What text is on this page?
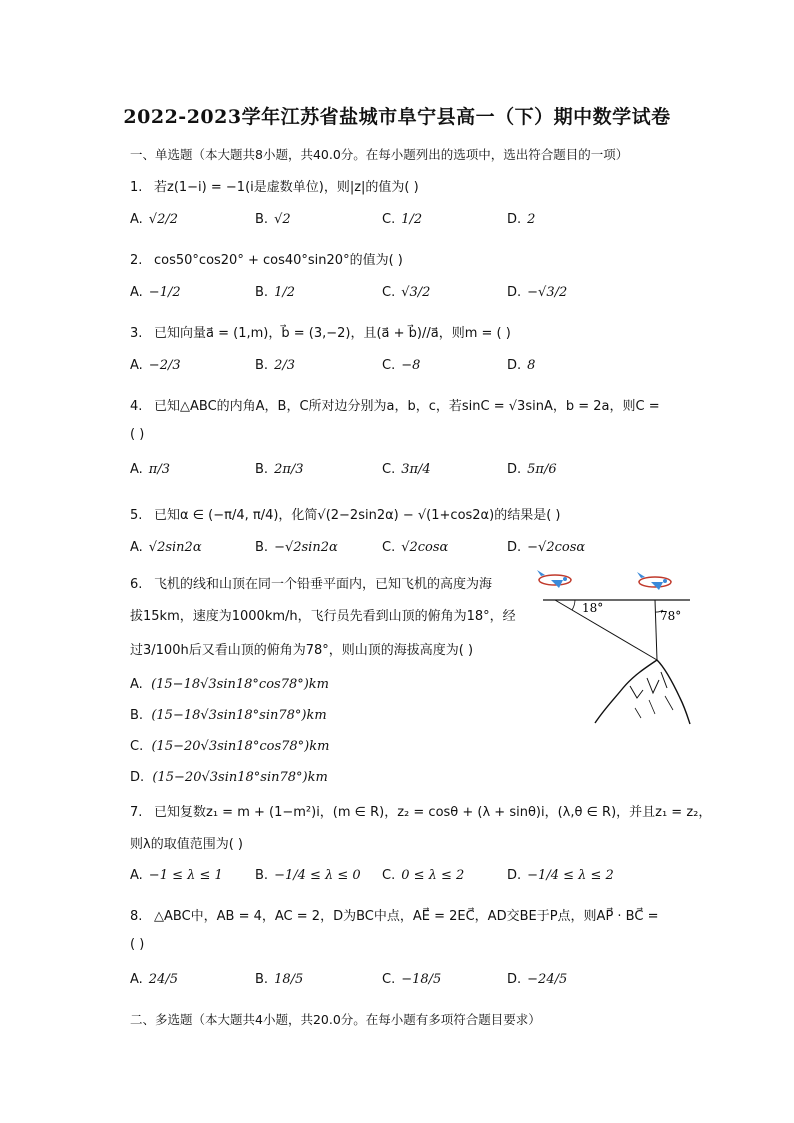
2022-2023学年江苏省盐城市阜宁县高一（下）期中数学试卷
一、单选题（本大题共8小题，共40.0分。在每小题列出的选项中，选出符合题目的一项）
1. 若z(1−i) = −1(i是虚数单位)，则|z|的值为( )
A. √2/2	B. √2	C. 1/2	D. 2
2. cos50°cos20° + cos40°sin20°的值为( )
A. −1/2	B. 1/2	C. √3/2	D. −√3/2
3. 已知向量a⃗ = (1,m)，b⃗ = (3,−2)，且(a⃗ + b⃗)//a⃗，则m = ( )
A. −2/3	B. 2/3	C. −8	D. 8
4. 已知△ABC的内角A，B，C所对边分别为a，b，c，若sinC = √3sinA，b = 2a，则C =
( )
A. π/3	B. 2π/3	C. 3π/4	D. 5π/6
5. 已知α ∈ (−π/4, π/4)，化简√(2−2sin2α) − √(1+cos2α)的结果是( )
A. √2sin2α	B. −√2sin2α	C. √2cosα	D. −√2cosα
6. 飞机的线和山顶在同一个铅垂平面内，已知飞机的高度为海
拔15km，速度为1000km/h，飞行员先看到山顶的俯角为18°，经
过3/100h后又看山顶的俯角为78°，则山顶的海拔高度为( )
A.  (15−18√3sin18°cos78°)km
B.  (15−18√3sin18°sin78°)km
C.  (15−20√3sin18°cos78°)km
D.  (15−20√3sin18°sin78°)km
18°
78°
7. 已知复数z₁ = m + (1−m²)i，(m ∈ R)，z₂ = cosθ + (λ + sinθ)i，(λ,θ ∈ R)，并且z₁ = z₂，
则λ的取值范围为( )
A. −1 ≤ λ ≤ 1 B. −1/4 ≤ λ ≤ 0 C. 0 ≤ λ ≤ 2	D. −1/4 ≤ λ ≤ 2
8. △ABC中，AB = 4，AC = 2，D为BC中点，AE⃗ = 2EC⃗，AD交BE于P点，则AP⃗ · BC⃗ =
( )
A. 24/5	B. 18/5	C. −18/5	D. −24/5
二、多选题（本大题共4小题，共20.0分。在每小题有多项符合题目要求）
